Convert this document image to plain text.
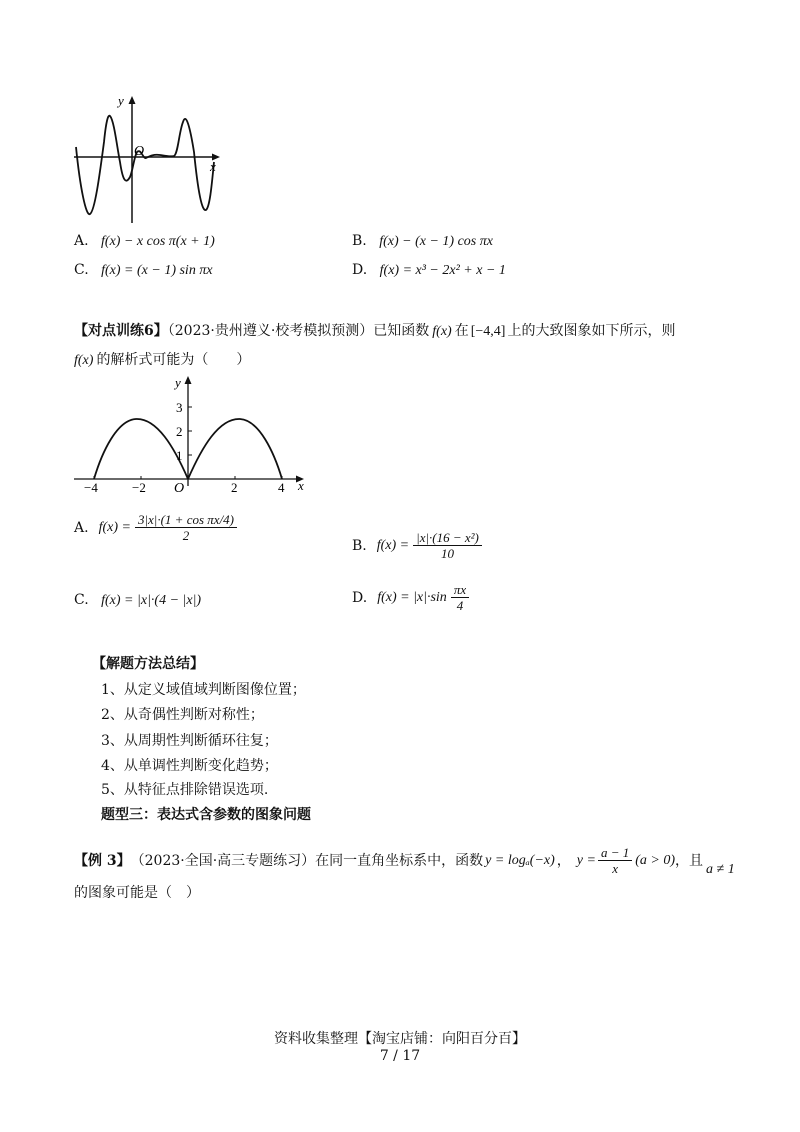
y
x
O
A. f(x) − x cos π(x + 1)	B. f(x) − (x − 1) cos πx
C. f(x) = (x − 1) sin πx	D. f(x) = x³ − 2x² + x − 1
【对点训练6】（2023·贵州遵义·校考模拟预测）已知函数 f(x) 在 [−4,4] 上的大致图象如下所示，则
f(x) 的解析式可能为（　　）
y
x
O
3
2
1
−4	−2	2	4
A. $f(x) = \frac{\text{3|x|·(1 + cos πx/4)}}{2}$
B. $f(x) = \frac{\text{|x|·(16 − x²)}}{10}$
C. f(x) = |x|·(4 − |x|)	D. $f(x) = |x|\cdot\sin \frac{\pi x}{4}$
【解题方法总结】
1、从定义域值域判断图像位置；
2、从奇偶性判断对称性；
3、从周期性判断循环往复；
4、从单调性判断变化趋势；
5、从特征点排除错误选项.
题型三：表达式含参数的图象问题
【例 3】 （2023·全国·高三专题练习）在同一直角坐标系中，函数 y = logₐ(−x) ， $y = \frac{a - 1}{x} (a > 0)$ ，且
a ≠ 1
的图象可能是（　）
资料收集整理【淘宝店铺：向阳百分百】
7 / 17
